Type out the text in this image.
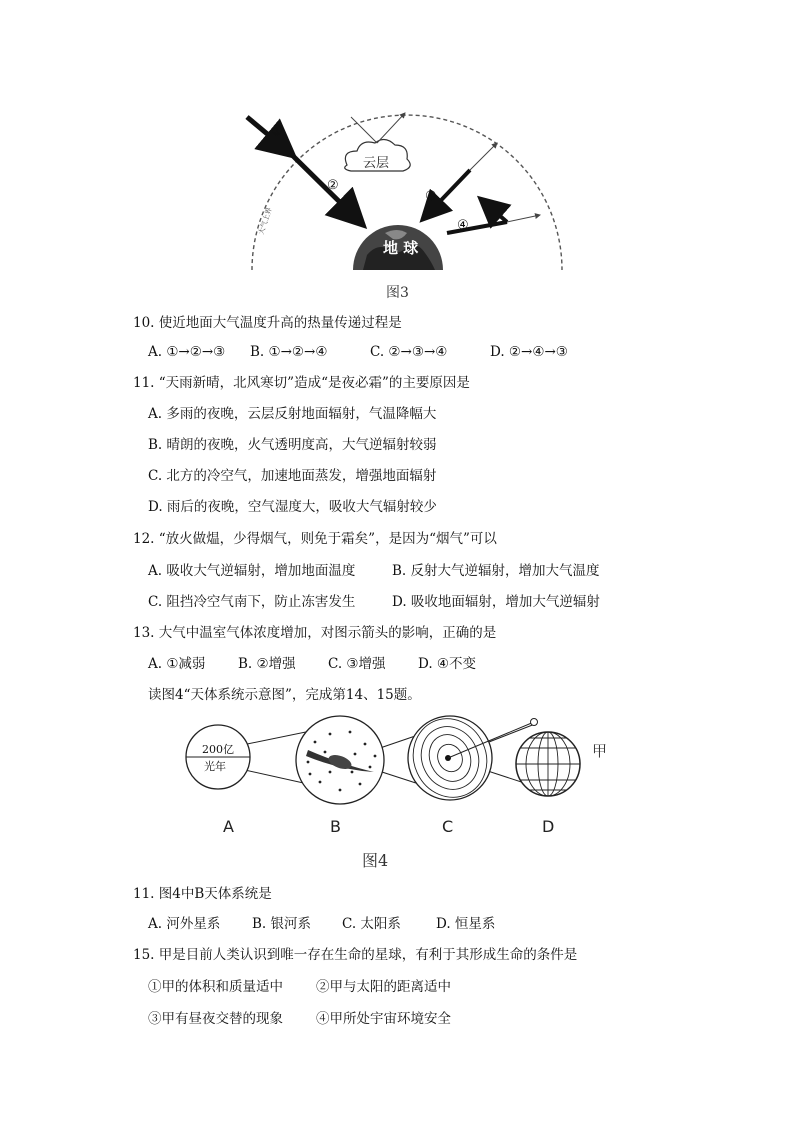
大气上界
地 球
云层
①
②
③
④
图3
10. 使近地面大气温度升高的热量传递过程是
A. ①→②→③ B. ①→②→④	C. ②→③→④	D. ②→④→③
11. “天雨新晴，北风寒切”造成“是夜必霜”的主要原因是
A. 多雨的夜晚，云层反射地面辐射，气温降幅大
B. 晴朗的夜晚，火气透明度高，大气逆辐射较弱
C. 北方的冷空气，加速地面蒸发，增强地面辐射
D. 雨后的夜晚，空气湿度大，吸收大气辐射较少
12. “放火做煴，少得烟气，则免于霜矣”，是因为“烟气”可以
A. 吸收大气逆辐射，增加地面温度	B. 反射大气逆辐射，增加大气温度
C. 阻挡冷空气南下，防止冻害发生	D. 吸收地面辐射，增加大气逆辐射
13. 大气中温室气体浓度增加，对图示箭头的影响，正确的是
A. ①减弱 B. ②增强 C. ③增强 D. ④不变
读图4“天体系统示意图”，完成第14、15题。
200亿
光年
甲
A	B	C	D
图4
11. 图4中B天体系统是
A. 河外星系 B. 银河系 C. 太阳系	D. 恒星系
15. 甲是目前人类认识到唯一存在生命的星球，有利于其形成生命的条件是
①甲的体积和质量适中 ②甲与太阳的距离适中
③甲有昼夜交替的现象 ④甲所处宇宙环境安全
